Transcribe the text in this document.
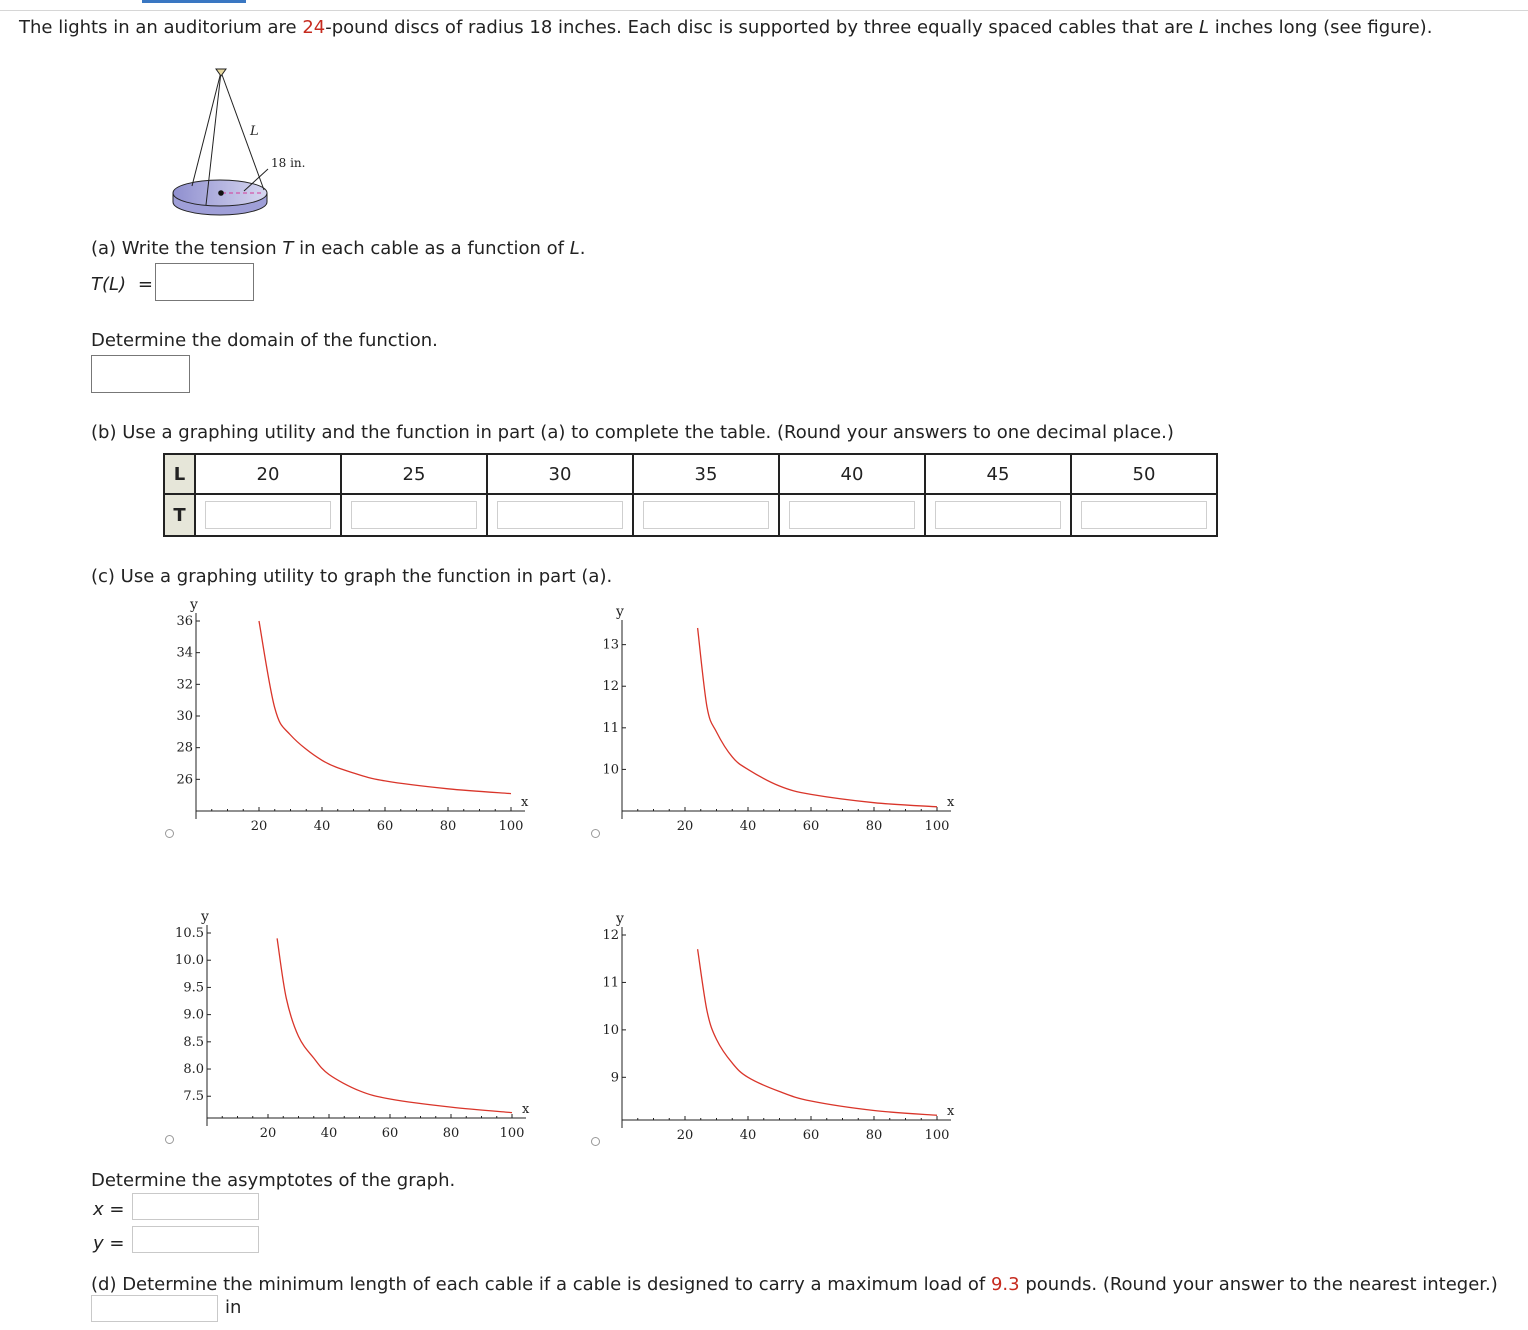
The lights in an auditorium are 24-pound discs of radius 18 inches. Each disc is supported by three equally spaced cables that are L inches long (see figure).
L
18 in.
(a) Write the tension T in each cable as a function of L.
T(L) =
Determine the domain of the function.
(b) Use a graphing utility and the function in part (a) to complete the table. (Round your answers to one decimal place.)
L	20	25	30	35	40	45	50
T	

(c) Use a graphing utility to graph the function in part (a).
20	40	60	80	100
26
28
30
32
34
36
x
y
20	40	60	80	100
10
11
12
13
x
y
20	40	60	80	100
7.5
8.0
8.5
9.0
9.5
10.0
10.5
x
y
20	40	60	80	100
9
10
11
12
x
y
Determine the asymptotes of the graph.
x =
y =
(d) Determine the minimum length of each cable if a cable is designed to carry a maximum load of 9.3 pounds. (Round your answer to the nearest integer.)
in
